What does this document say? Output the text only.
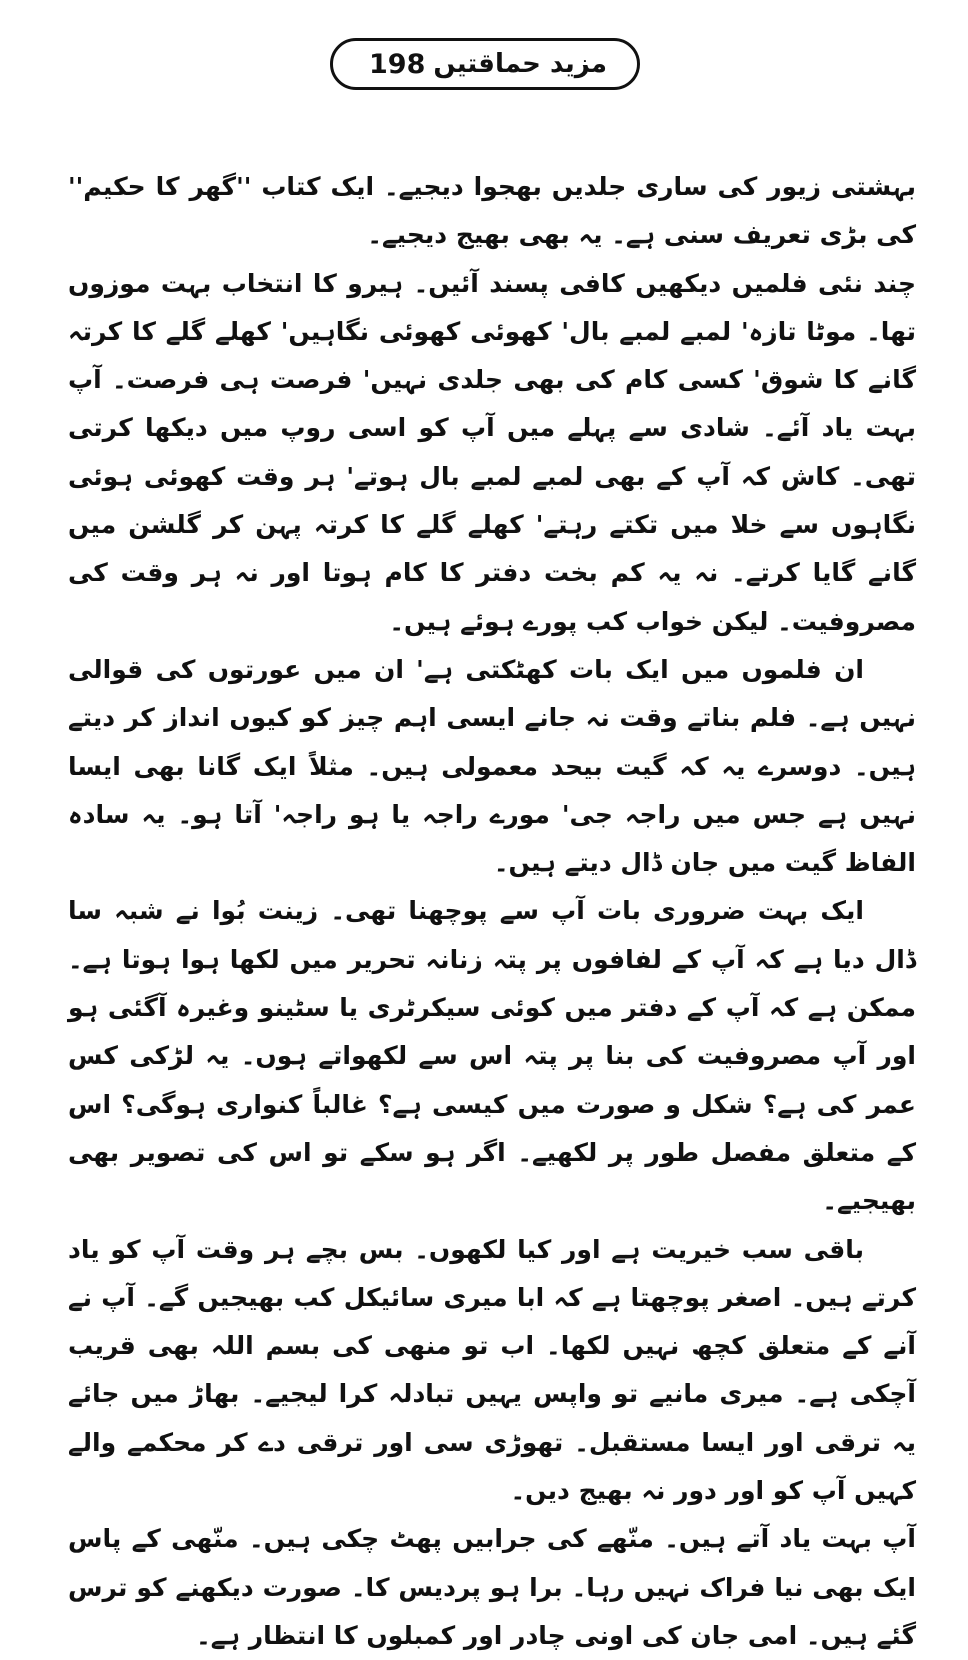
198 مزید حماقتیں

بہشتی زیور کی ساری جلدیں بھجوا دیجیے۔ ایک کتاب ''گھر کا حکیم'' کی بڑی تعریف سنی ہے۔ یہ بھی بھیج دیجیے۔

چند نئی فلمیں دیکھیں کافی پسند آئیں۔ ہیرو کا انتخاب بہت موزوں تھا۔ موٹا تازہ' لمبے لمبے بال' کھوئی کھوئی نگاہیں' کھلے گلے کا کرتہ گانے کا شوق' کسی کام کی بھی جلدی نہیں' فرصت ہی فرصت۔ آپ بہت یاد آئے۔ شادی سے پہلے میں آپ کو اسی روپ میں دیکھا کرتی تھی۔ کاش کہ آپ کے بھی لمبے لمبے بال ہوتے' ہر وقت کھوئی ہوئی نگاہوں سے خلا میں تکتے رہتے' کھلے گلے کا کرتہ پہن کر گلشن میں گانے گایا کرتے۔ نہ یہ کم بخت دفتر کا کام ہوتا اور نہ ہر وقت کی مصروفیت۔ لیکن خواب کب پورے ہوئے ہیں۔

ان فلموں میں ایک بات کھٹکتی ہے' ان میں عورتوں کی قوالی نہیں ہے۔ فلم بناتے وقت نہ جانے ایسی اہم چیز کو کیوں انداز کر دیتے ہیں۔ دوسرے یہ کہ گیت بیحد معمولی ہیں۔ مثلاً ایک گانا بھی ایسا نہیں ہے جس میں راجہ جی' مورے راجہ یا ہو راجہ' آتا ہو۔ یہ سادہ الفاظ گیت میں جان ڈال دیتے ہیں۔

ایک بہت ضروری بات آپ سے پوچھنا تھی۔ زینت بُوا نے شبہ سا ڈال دیا ہے کہ آپ کے لفافوں پر پتہ زنانہ تحریر میں لکھا ہوا ہوتا ہے۔ ممکن ہے کہ آپ کے دفتر میں کوئی سیکرٹری یا سٹینو وغیرہ آگئی ہو اور آپ مصروفیت کی بنا پر پتہ اس سے لکھواتے ہوں۔ یہ لڑکی کس عمر کی ہے؟ شکل و صورت میں کیسی ہے؟ غالباً کنواری ہوگی؟ اس کے متعلق مفصل طور پر لکھیے۔ اگر ہو سکے تو اس کی تصویر بھی بھیجیے۔

باقی سب خیریت ہے اور کیا لکھوں۔ بس بچے ہر وقت آپ کو یاد کرتے ہیں۔ اصغر پوچھتا ہے کہ ابا میری سائیکل کب بھیجیں گے۔ آپ نے آنے کے متعلق کچھ نہیں لکھا۔ اب تو منھی کی بسم اللہ بھی قریب آچکی ہے۔ میری مانیے تو واپس یہیں تبادلہ کرا لیجیے۔ بھاڑ میں جائے یہ ترقی اور ایسا مستقبل۔ تھوڑی سی اور ترقی دے کر محکمے والے کہیں آپ کو اور دور نہ بھیج دیں۔

آپ بہت یاد آتے ہیں۔ منّھے کی جرابیں پھٹ چکی ہیں۔ منّھی کے پاس ایک بھی نیا فراک نہیں رہا۔ برا ہو پردیس کا۔ صورت دیکھنے کو ترس گئے ہیں۔ امی جان کی اونی چادر اور کمبلوں کا انتظار ہے۔
